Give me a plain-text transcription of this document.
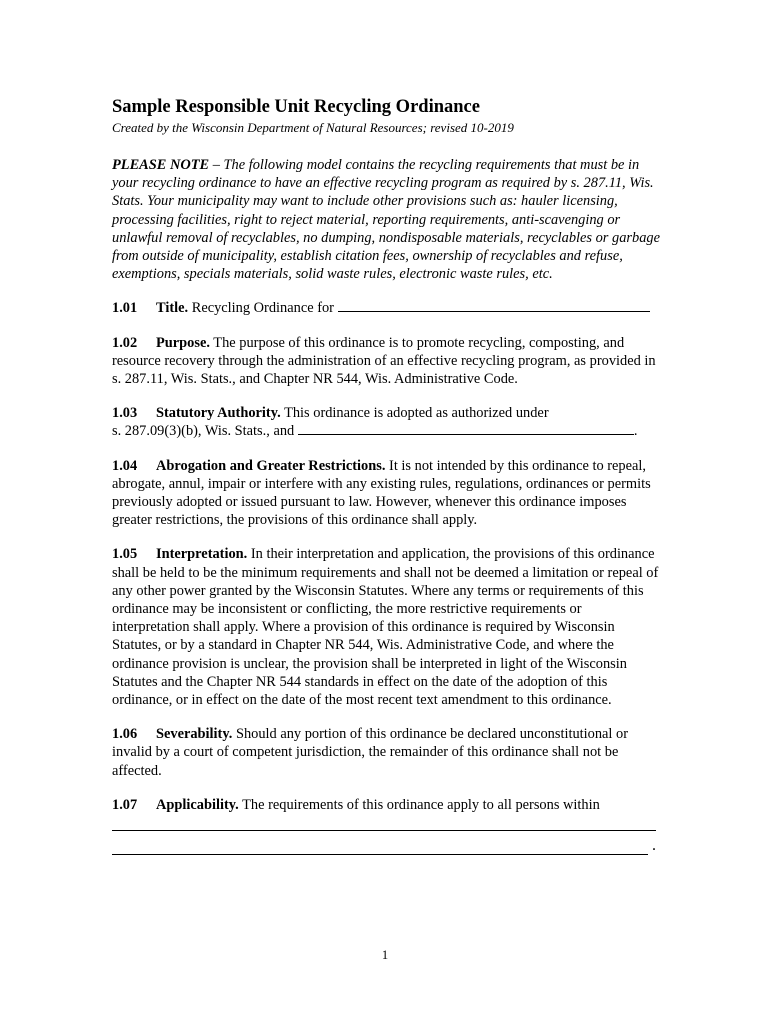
Sample Responsible Unit Recycling Ordinance

Created by the Wisconsin Department of Natural Resources; revised 10-2019

PLEASE NOTE – The following model contains the recycling requirements that must be in your recycling ordinance to have an effective recycling program as required by s. 287.11, Wis. Stats. Your municipality may want to include other provisions such as: hauler licensing, processing facilities, right to reject material, reporting requirements, anti-scavenging or unlawful removal of recyclables, no dumping, nondisposable materials, recyclables or garbage from outside of municipality, establish citation fees, ownership of recyclables and refuse, exemptions, specials materials, solid waste rules, electronic waste rules, etc.

1.01 Title. Recycling Ordinance for

1.02 Purpose. The purpose of this ordinance is to promote recycling, composting, and resource recovery through the administration of an effective recycling program, as provided in s. 287.11, Wis. Stats., and Chapter NR 544, Wis. Administrative Code.

1.03 Statutory Authority. This ordinance is adopted as authorized under
s. 287.09(3)(b), Wis. Stats., and	.

1.04 Abrogation and Greater Restrictions. It is not intended by this ordinance to repeal, abrogate, annul, impair or interfere with any existing rules, regulations, ordinances or permits previously adopted or issued pursuant to law. However, whenever this ordinance imposes greater restrictions, the provisions of this ordinance shall apply.

1.05 Interpretation. In their interpretation and application, the provisions of this ordinance shall be held to be the minimum requirements and shall not be deemed a limitation or repeal of any other power granted by the Wisconsin Statutes. Where any terms or requirements of this ordinance may be inconsistent or conflicting, the more restrictive requirements or interpretation shall apply. Where a provision of this ordinance is required by Wisconsin Statutes, or by a standard in Chapter NR 544, Wis. Administrative Code, and where the ordinance provision is unclear, the provision shall be interpreted in light of the Wisconsin Statutes and the Chapter NR 544 standards in effect on the date of the adoption of this ordinance, or in effect on the date of the most recent text amendment to this ordinance.

1.06 Severability. Should any portion of this ordinance be declared unconstitutional or invalid by a court of competent jurisdiction, the remainder of this ordinance shall not be affected.

1.07 Applicability. The requirements of this ordinance apply to all persons within

.
1
